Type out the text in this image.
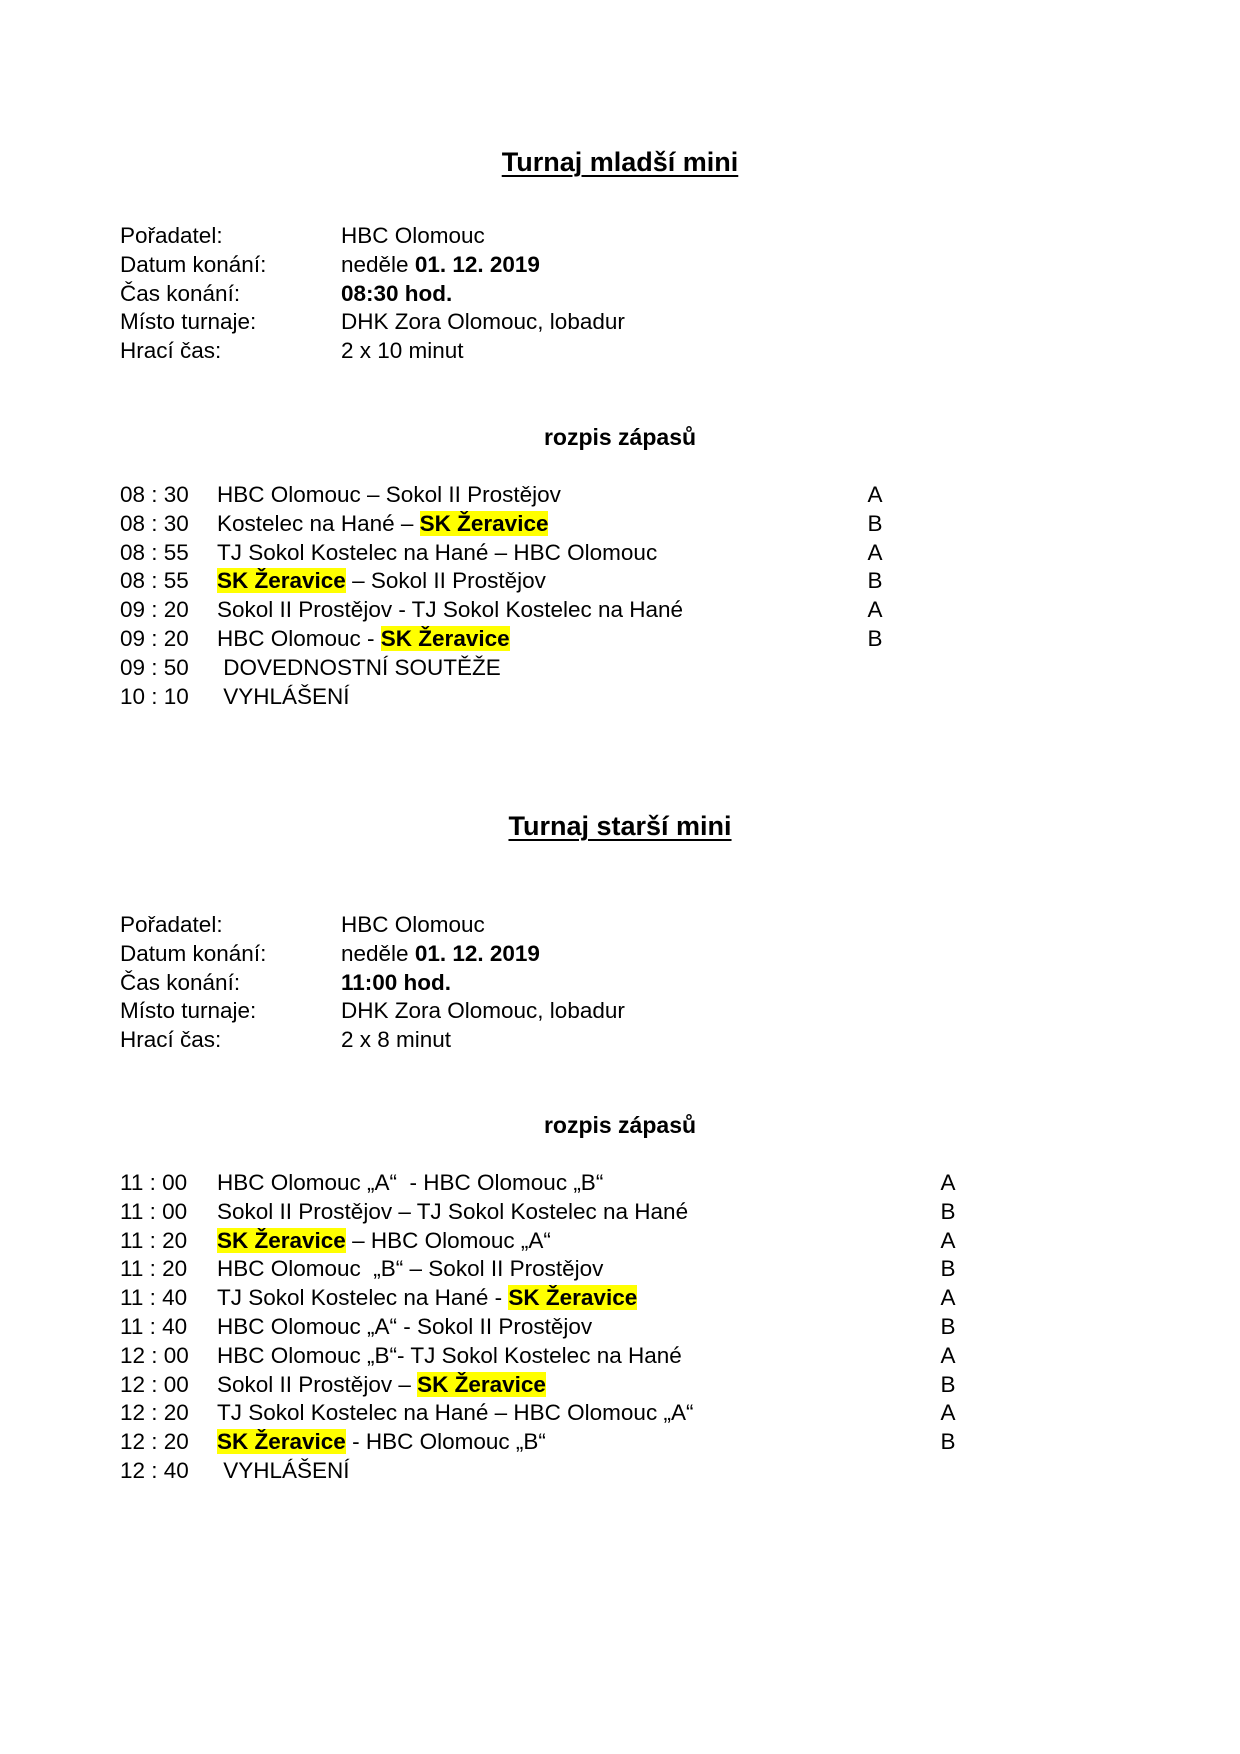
Turnaj mladší mini
Pořadatel:	HBC Olomouc
Datum konání:	neděle 01. 12. 2019
Čas konání:	08:30 hod.
Místo turnaje:	DHK Zora Olomouc, lobadur
Hrací čas:	2 x 10 minut
rozpis zápasů
08 : 30 HBC Olomouc – Sokol II Prostějov	A
08 : 30 Kostelec na Hané – SK Žeravice	B
08 : 55 TJ Sokol Kostelec na Hané – HBC Olomouc	A
08 : 55 SK Žeravice – Sokol II Prostějov	B
09 : 20 Sokol II Prostějov - TJ Sokol Kostelec na Hané	A
09 : 20 HBC Olomouc - SK Žeravice	B
09 : 50 DOVEDNOSTNÍ SOUTĚŽE
10 : 10 VYHLÁŠENÍ
Turnaj starší mini
Pořadatel:	HBC Olomouc
Datum konání:	neděle 01. 12. 2019
Čas konání:	11:00 hod.
Místo turnaje:	DHK Zora Olomouc, lobadur
Hrací čas:	2 x 8 minut
rozpis zápasů
11 : 00 HBC Olomouc „A“  - HBC Olomouc „B“	A
11 : 00 Sokol II Prostějov – TJ Sokol Kostelec na Hané	B
11 : 20 SK Žeravice – HBC Olomouc „A“	A
11 : 20 HBC Olomouc  „B“ – Sokol II Prostějov	B
11 : 40 TJ Sokol Kostelec na Hané - SK Žeravice	A
11 : 40 HBC Olomouc „A“ - Sokol II Prostějov	B
12 : 00 HBC Olomouc „B“- TJ Sokol Kostelec na Hané	A
12 : 00 Sokol II Prostějov – SK Žeravice	B
12 : 20 TJ Sokol Kostelec na Hané – HBC Olomouc „A“	A
12 : 20 SK Žeravice - HBC Olomouc „B“	B
12 : 40 VYHLÁŠENÍ
